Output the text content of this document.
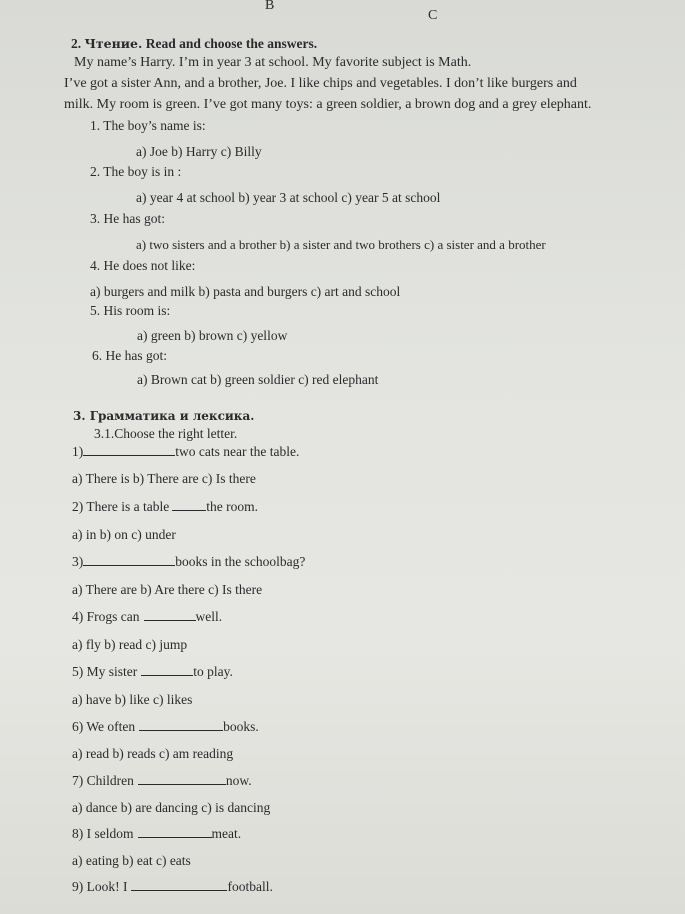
B
C
2. Чтение. Read and choose the answers.
My name’s Harry. I’m in year 3 at school. My favorite subject is Math.
I’ve got a sister Ann, and a brother, Joe. I like chips and vegetables. I don’t like burgers and
milk. My room is green. I’ve got many toys: a green soldier, a brown dog and a grey elephant.
1. The boy’s name is:
a) Joe b) Harry c) Billy
2. The boy is in :
a) year 4 at school b) year 3 at school c) year 5 at school
3. He has got:
a) two sisters and a brother b) a sister and two brothers c) a sister and a brother
4. He does not like:
a) burgers and milk b) pasta and burgers c) art and school
5. His room is:
a) green b) brown c) yellow
6. He has got:
a) Brown cat b) green soldier c) red elephant
3. Грамматика и лексика.
3.1.Choose the right letter.
1)	two cats near the table.
a) There is b) There are c) Is there
2) There is a table	the room.
a) in b) on c) under
3)	books in the schoolbag?
a) There are b) Are there c) Is there
4) Frogs can	well.
a) fly b) read c) jump
5) My sister	to play.
a) have b) like c) likes
6) We often	books.
a) read b) reads c) am reading
7) Children	now.
a) dance b) are dancing c) is dancing
8) I seldom	meat.
a) eating b) eat c) eats
9) Look! I	football.
